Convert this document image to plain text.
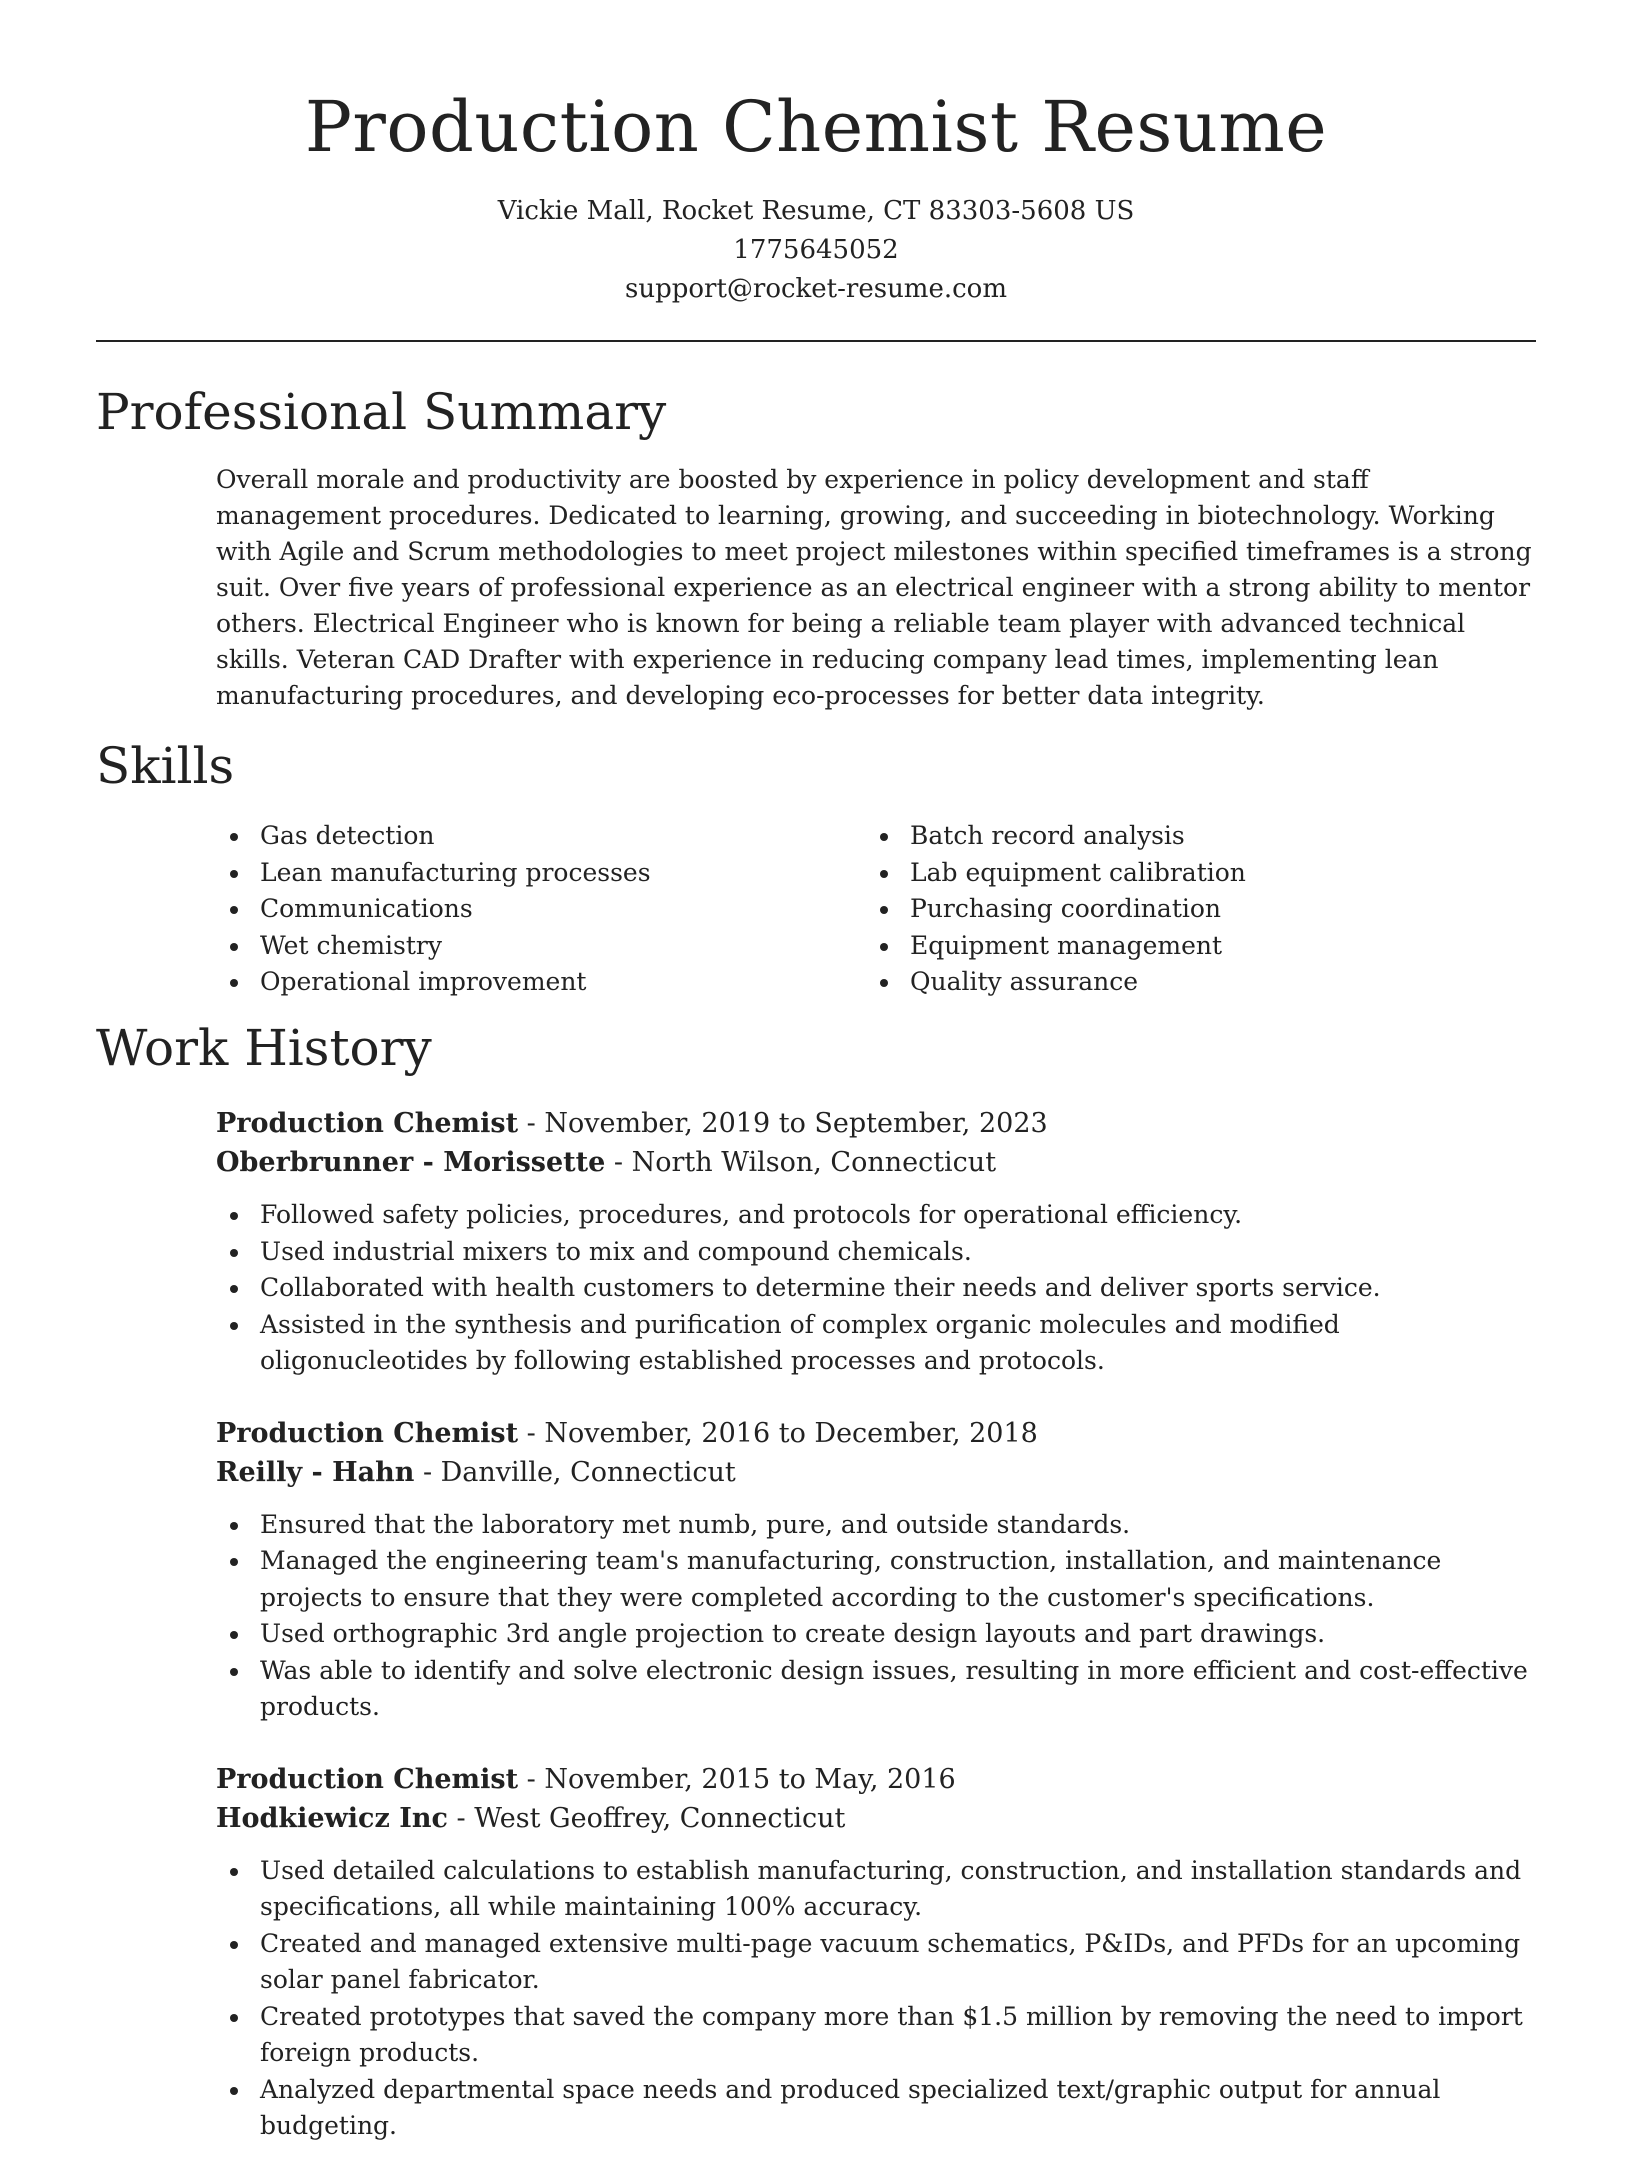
Production Chemist Resume
Vickie Mall, Rocket Resume, CT 83303-5608 US
1775645052
support@rocket-resume.com
Professional Summary

Overall morale and productivity are boosted by experience in policy development and staff management procedures. Dedicated to learning, growing, and succeeding in biotechnology. Working with Agile and Scrum methodologies to meet project milestones within specified timeframes is a strong suit. Over five years of professional experience as an electrical engineer with a strong ability to mentor others. Electrical Engineer who is known for being a reliable team player with advanced technical skills. Veteran CAD Drafter with experience in reducing company lead times, implementing lean manufacturing procedures, and developing eco-processes for better data integrity.

Skills
Gas detection
Lean manufacturing processes
Communications
Wet chemistry
Operational improvement
Batch record analysis
Lab equipment calibration
Purchasing coordination
Equipment management
Quality assurance
Work History
Production Chemist - November, 2019 to September, 2023
Oberbrunner - Morissette - North Wilson, Connecticut
Followed safety policies, procedures, and protocols for operational efficiency.
Used industrial mixers to mix and compound chemicals.
Collaborated with health customers to determine their needs and deliver sports service.
Assisted in the synthesis and purification of complex organic molecules and modified oligonucleotides by following established processes and protocols.
Production Chemist - November, 2016 to December, 2018
Reilly - Hahn - Danville, Connecticut
Ensured that the laboratory met numb, pure, and outside standards.
Managed the engineering team's manufacturing, construction, installation, and maintenance projects to ensure that they were completed according to the customer's specifications.
Used orthographic 3rd angle projection to create design layouts and part drawings.
Was able to identify and solve electronic design issues, resulting in more efficient and cost-effective products.
Production Chemist - November, 2015 to May, 2016
Hodkiewicz Inc - West Geoffrey, Connecticut
Used detailed calculations to establish manufacturing, construction, and installation standards and specifications, all while maintaining 100% accuracy.
Created and managed extensive multi-page vacuum schematics, P&IDs, and PFDs for an upcoming solar panel fabricator.
Created prototypes that saved the company more than $1.5 million by removing the need to import foreign products.
Analyzed departmental space needs and produced specialized text/graphic output for annual budgeting.
